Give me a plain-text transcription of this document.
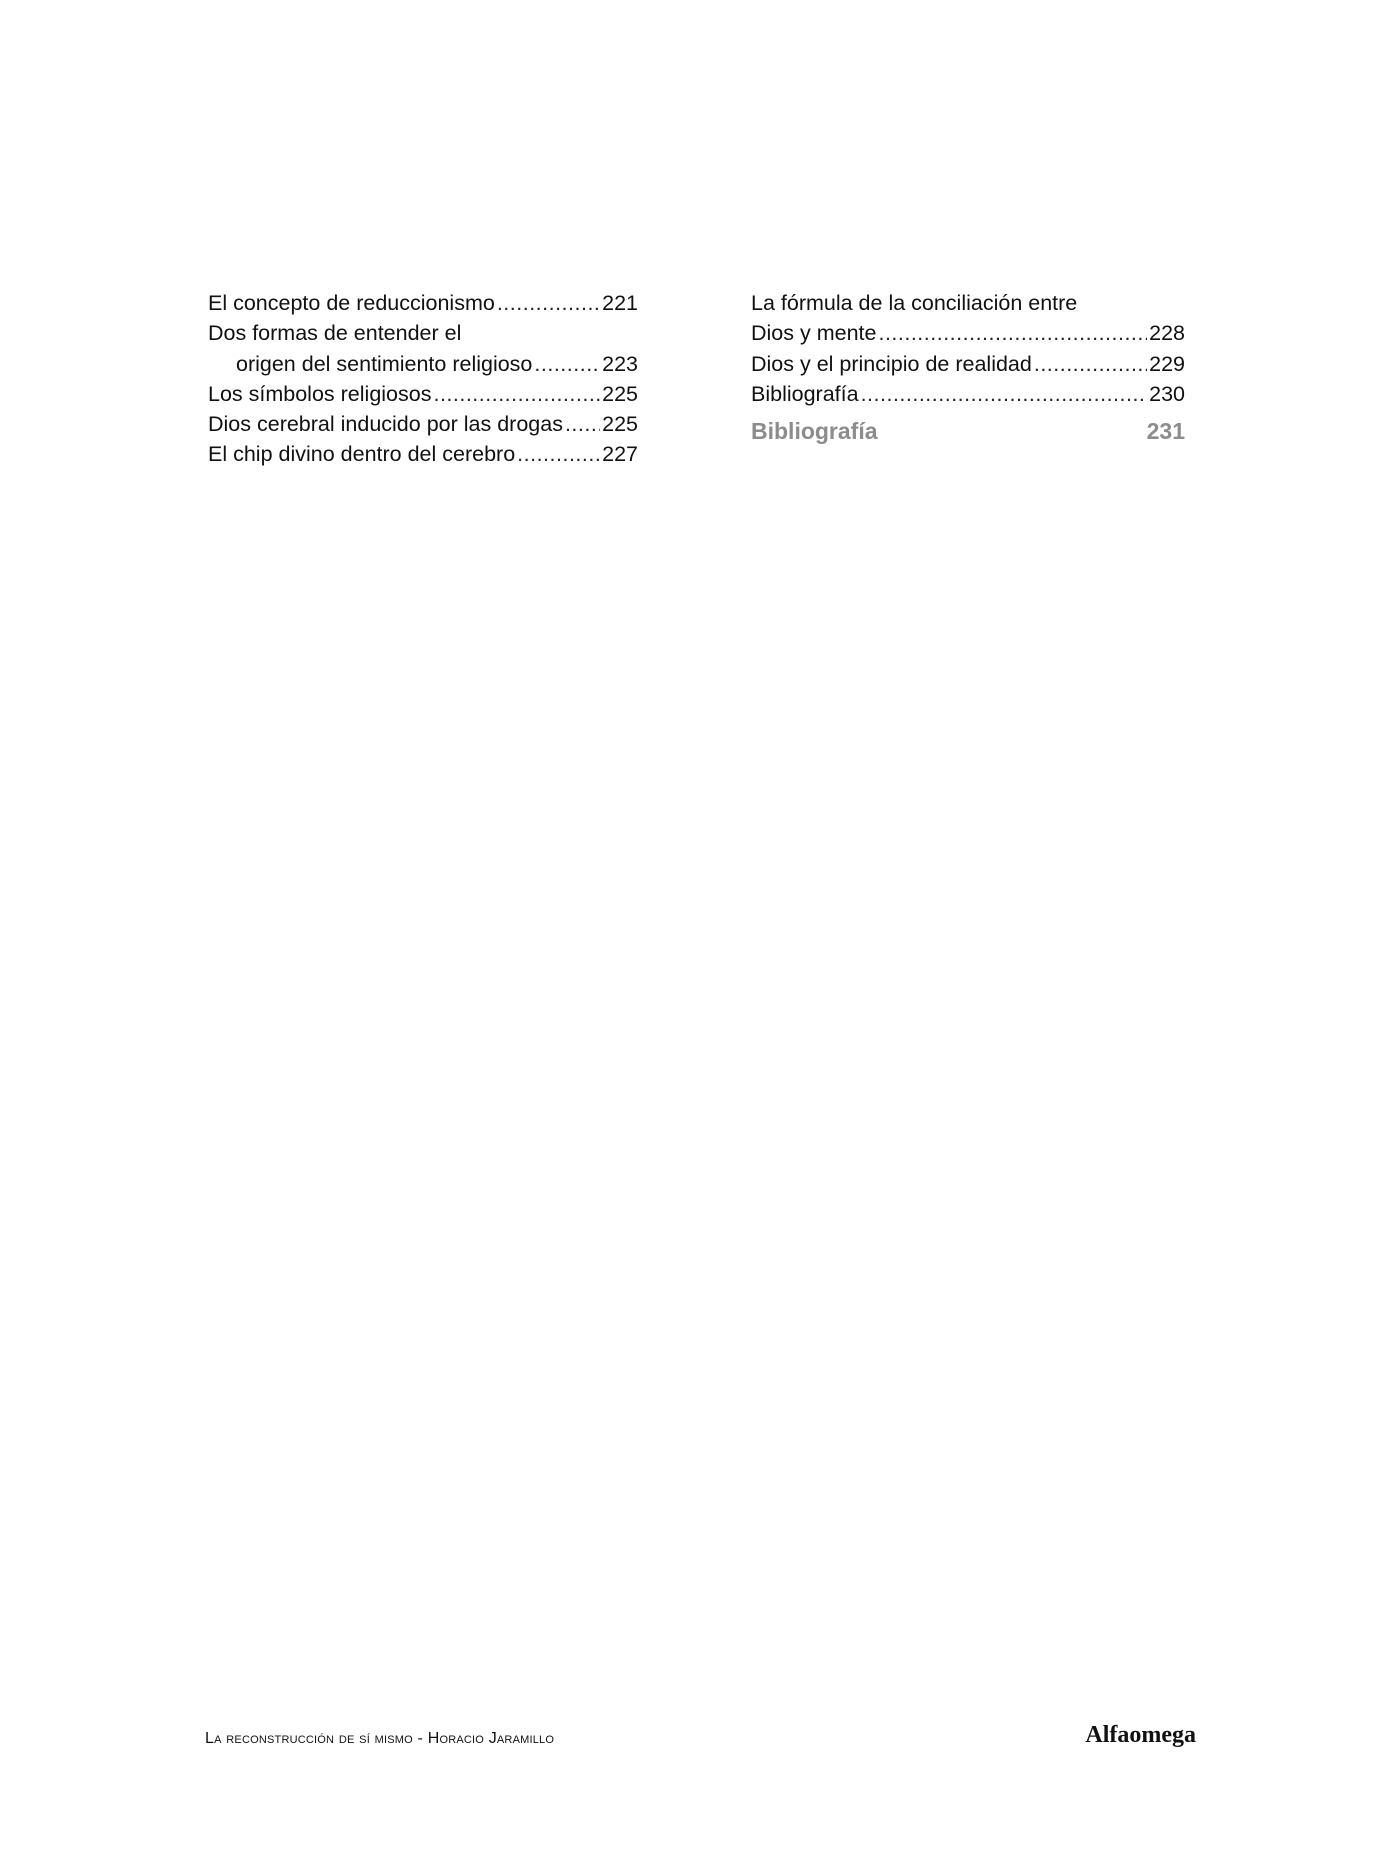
El concepto de reduccionismo .....	221
Dos formas de entender el
origen del sentimiento religioso .....	223
Los símbolos religiosos .....	225
Dios cerebral inducido por las drogas ..... 225
El chip divino dentro del cerebro .....	227
La fórmula de la conciliación entre
Dios y mente .....	228
Dios y el principio de realidad .....	229
Bibliografía .....	230
Bibliografía	231
La reconstrucción de sí mismo - Horacio Jaramillo	Alfaomega
